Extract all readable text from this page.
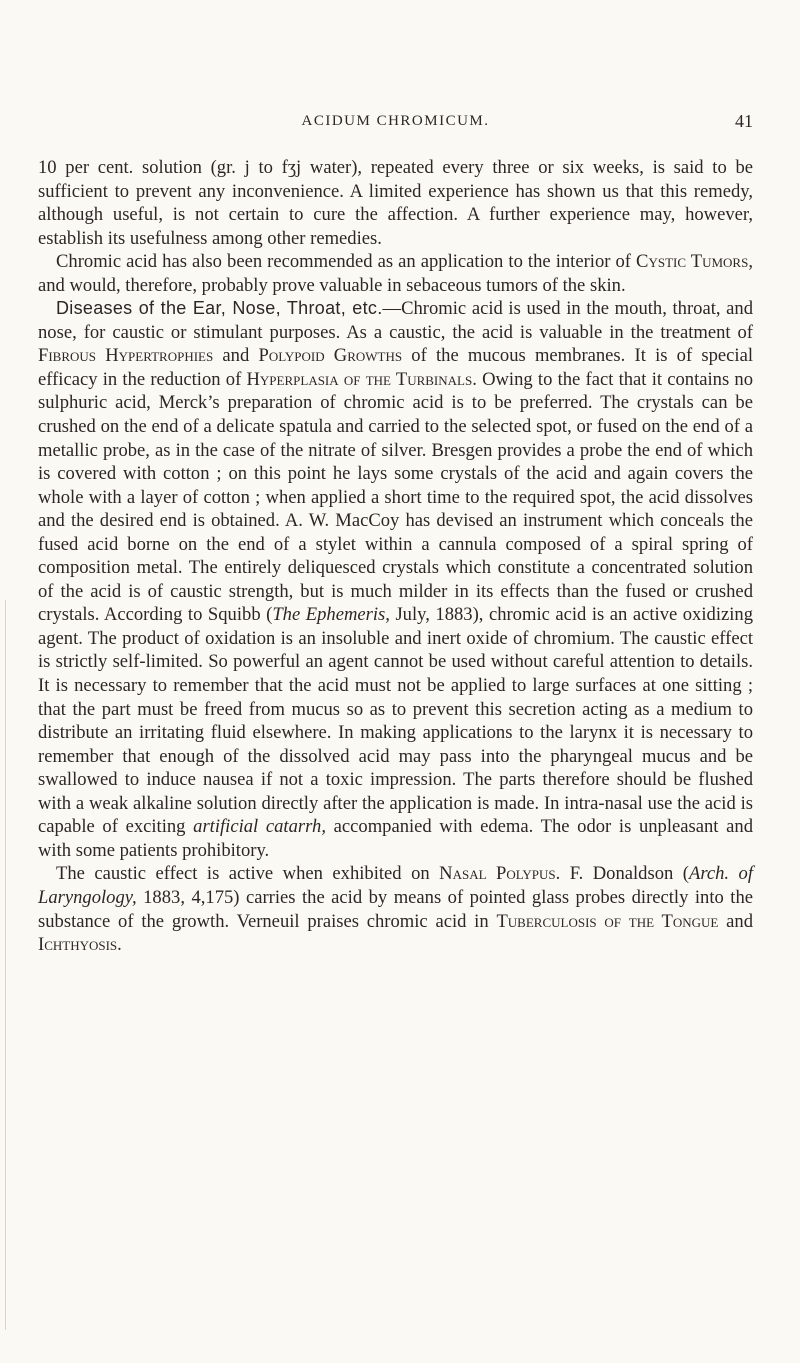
ACIDUM CHROMICUM.	41

10 per cent. solution (gr. j to fʒj water), repeated every three or six weeks, is said to be sufficient to prevent any inconvenience. A limited experience has shown us that this remedy, although useful, is not certain to cure the affection. A further experience may, however, establish its usefulness among other remedies.

Chromic acid has also been recommended as an application to the interior of Cystic Tumors, and would, therefore, probably prove valuable in sebaceous tumors of the skin.

Diseases of the Ear, Nose, Throat, etc.—Chromic acid is used in the mouth, throat, and nose, for caustic or stimulant purposes. As a caustic, the acid is valuable in the treatment of Fibrous Hypertrophies and Polypoid Growths of the mucous membranes. It is of special efficacy in the reduction of Hyperplasia of the Turbinals. Owing to the fact that it contains no sulphuric acid, Merck’s preparation of chromic acid is to be preferred. The crystals can be crushed on the end of a delicate spatula and carried to the selected spot, or fused on the end of a metallic probe, as in the case of the nitrate of silver. Bresgen provides a probe the end of which is covered with cotton ; on this point he lays some crystals of the acid and again covers the whole with a layer of cotton ; when applied a short time to the required spot, the acid dissolves and the desired end is obtained. A. W. MacCoy has devised an instrument which conceals the fused acid borne on the end of a stylet within a cannula composed of a spiral spring of composition metal. The entirely deliquesced crystals which constitute a concentrated solution of the acid is of caustic strength, but is much milder in its effects than the fused or crushed crystals. According to Squibb (The Ephemeris, July, 1883), chromic acid is an active oxidizing agent. The product of oxidation is an insoluble and inert oxide of chromium. The caustic effect is strictly self-limited. So powerful an agent cannot be used without careful attention to details. It is necessary to remember that the acid must not be applied to large surfaces at one sitting ; that the part must be freed from mucus so as to prevent this secretion acting as a medium to distribute an irritating fluid elsewhere. In making applications to the larynx it is necessary to remember that enough of the dissolved acid may pass into the pharyngeal mucus and be swallowed to induce nausea if not a toxic impression. The parts therefore should be flushed with a weak alkaline solution directly after the application is made. In intra-nasal use the acid is capable of exciting artificial catarrh, accompanied with edema. The odor is unpleasant and with some patients prohibitory.

The caustic effect is active when exhibited on Nasal Polypus. F. Donaldson (Arch. of Laryngology, 1883, 4,175) carries the acid by means of pointed glass probes directly into the substance of the growth. Verneuil praises chromic acid in Tuberculosis of the Tongue and Ichthyosis.
